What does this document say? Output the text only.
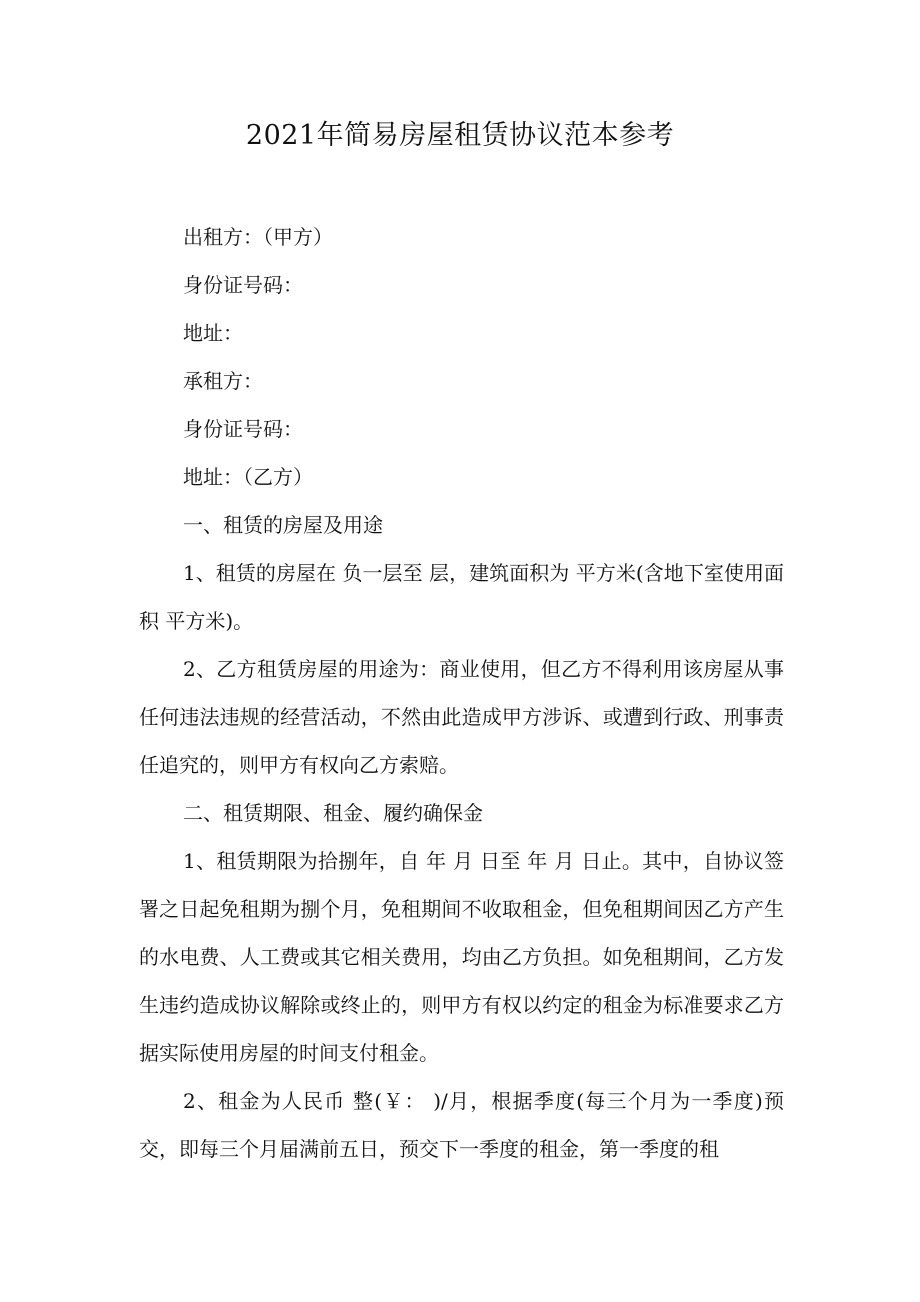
2021年简易房屋租赁协议范本参考

出租方：（甲方）

身份证号码：

地址：

承租方：

身份证号码：

地址：（乙方）

一、租赁的房屋及用途

1、租赁的房屋在 负一层至 层，建筑面积为 平方米(含地下室使用面积 平方米)。

2、乙方租赁房屋的用途为：商业使用，但乙方不得利用该房屋从事任何违法违规的经营活动，不然由此造成甲方涉诉、或遭到行政、刑事责任追究的，则甲方有权向乙方索赔。

二、租赁期限、租金、履约确保金

1、租赁期限为拾捌年，自 年 月 日至 年 月 日止。其中，自协议签署之日起免租期为捌个月，免租期间不收取租金，但免租期间因乙方产生的水电费、人工费或其它相关费用，均由乙方负担。如免租期间，乙方发生违约造成协议解除或终止的，则甲方有权以约定的租金为标准要求乙方据实际使用房屋的时间支付租金。

2、租金为人民币 整(￥： )/月，根据季度(每三个月为一季度)预交，即每三个月届满前五日，预交下一季度的租金，第一季度的租
